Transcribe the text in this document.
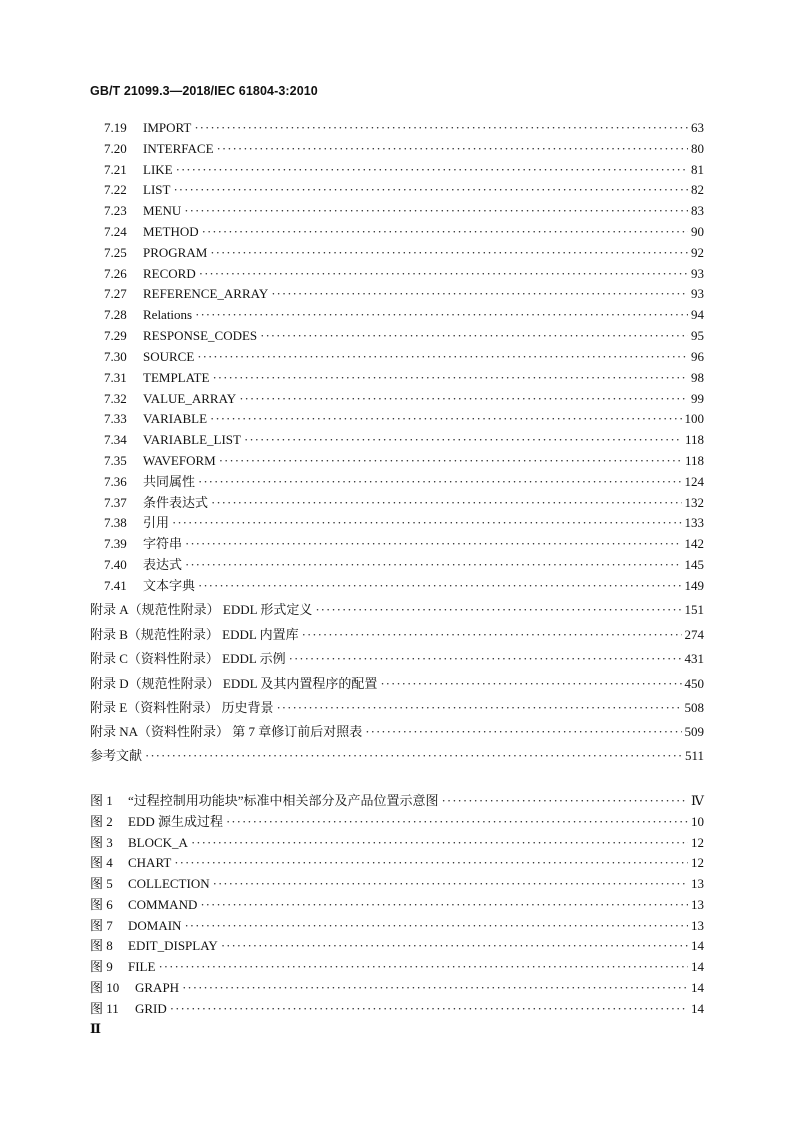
GB/T 21099.3—2018/IEC 61804-3:2010
7.19	IMPORT ·····	63
7.20	INTERFACE ·····	80
7.21	LIKE ·····	81
7.22	LIST ·····	82
7.23	MENU ·····	83
7.24	METHOD ·····	90
7.25	PROGRAM ·····	92
7.26	RECORD ·····	93
7.27	REFERENCE_ARRAY ·····	93
7.28	Relations ·····	94
7.29	RESPONSE_CODES ·····	95
7.30	SOURCE ·····	96
7.31	TEMPLATE ·····	98
7.32	VALUE_ARRAY ·····	99
7.33	VARIABLE ·····	100
7.34	VARIABLE_LIST ·····	118
7.35	WAVEFORM ·····	118
7.36	共同属性 ·····	124
7.37	条件表达式 ·····	132
7.38	引用 ·····	133
7.39	字符串 ·····	142
7.40	表达式 ·····	145
7.41	文本字典 ·····	149
附录 A（规范性附录） EDDL 形式定义 ·····	151
附录 B（规范性附录） EDDL 内置库 ·····	274
附录 C（资料性附录） EDDL 示例 ·····	431
附录 D（规范性附录） EDDL 及其内置程序的配置 ·····	450
附录 E（资料性附录） 历史背景 ·····	508
附录 NA（资料性附录） 第 7 章修订前后对照表 ·····	509
参考文献 ·····	511
图 1	“过程控制用功能块”标准中相关部分及产品位置示意图 ·····	Ⅳ
图 2	EDD 源生成过程 ·····	10
图 3	BLOCK_A ·····	12
图 4	CHART ·····	12
图 5	COLLECTION ·····	13
图 6	COMMAND ·····	13
图 7	DOMAIN ·····	13
图 8	EDIT_DISPLAY ·····	14
图 9	FILE ·····	14
图 10	GRAPH ·····	14
图 11	GRID ·····	14
Ⅱ
